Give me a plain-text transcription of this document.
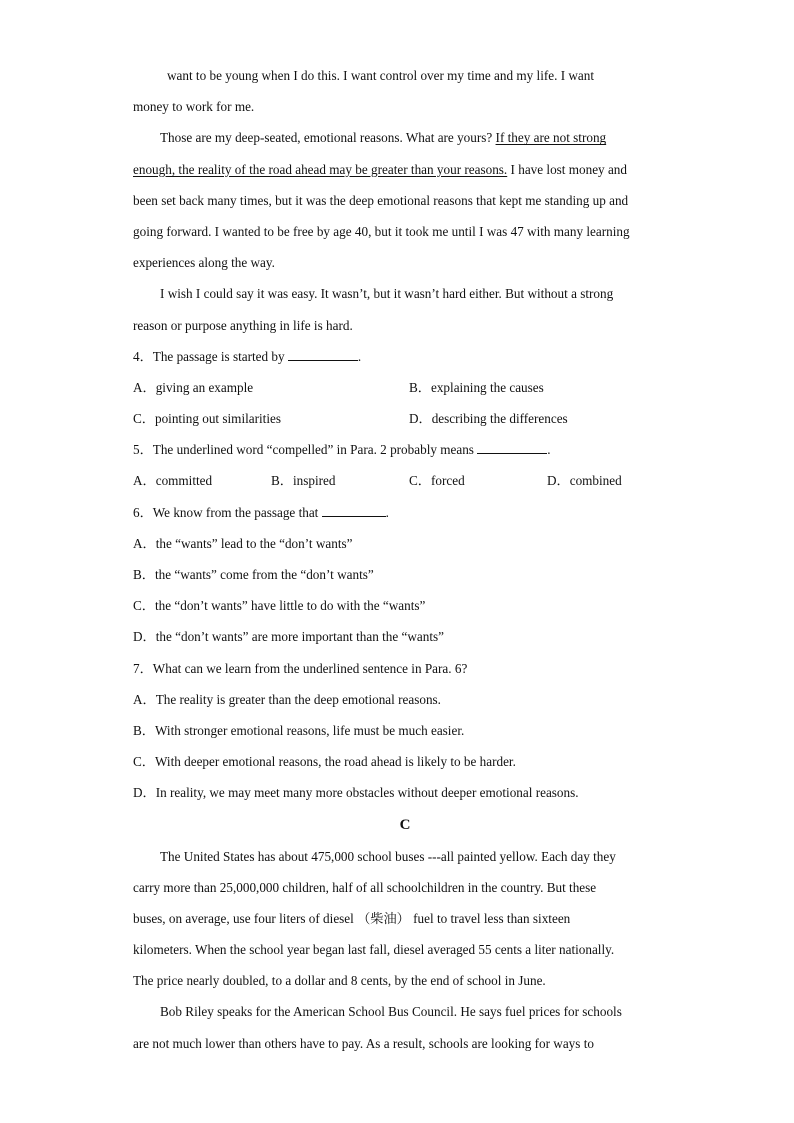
want to be young when I do this. I want control over my time and my life. I want
money to work for me.
Those are my deep-seated, emotional reasons. What are yours? If they are not strong
enough, the reality of the road ahead may be greater than your reasons. I have lost money and
been set back many times, but it was the deep emotional reasons that kept me standing up and
going forward. I wanted to be free by age 40, but it took me until I was 47 with many learning
experiences along the way.
I wish I could say it was easy. It wasn’t, but it wasn’t hard either. But without a strong
reason or purpose anything in life is hard.
4．The passage is started by	.
A．giving an example	B．explaining the causes
C．pointing out similarities	D．describing the differences
5．The underlined word “compelled” in Para. 2 probably means	.
A．committed	B．inspired	C．forced	D．combined
6．We know from the passage that	.
A．the “wants” lead to the “don’t wants”
B．the “wants” come from the “don’t wants”
C．the “don’t wants” have little to do with the “wants”
D．the “don’t wants” are more important than the “wants”
7．What can we learn from the underlined sentence in Para. 6?
A．The reality is greater than the deep emotional reasons.
B．With stronger emotional reasons, life must be much easier.
C．With deeper emotional reasons, the road ahead is likely to be harder.
D．In reality, we may meet many more obstacles without deeper emotional reasons.
C
The United States has about 475,000 school buses ---all painted yellow. Each day they
carry more than 25,000,000 children, half of all schoolchildren in the country. But these
buses, on average, use four liters of diesel （柴油） fuel to travel less than sixteen
kilometers. When the school year began last fall, diesel averaged 55 cents a liter nationally.
The price nearly doubled, to a dollar and 8 cents, by the end of school in June.
Bob Riley speaks for the American School Bus Council. He says fuel prices for schools
are not much lower than others have to pay. As a result, schools are looking for ways to
